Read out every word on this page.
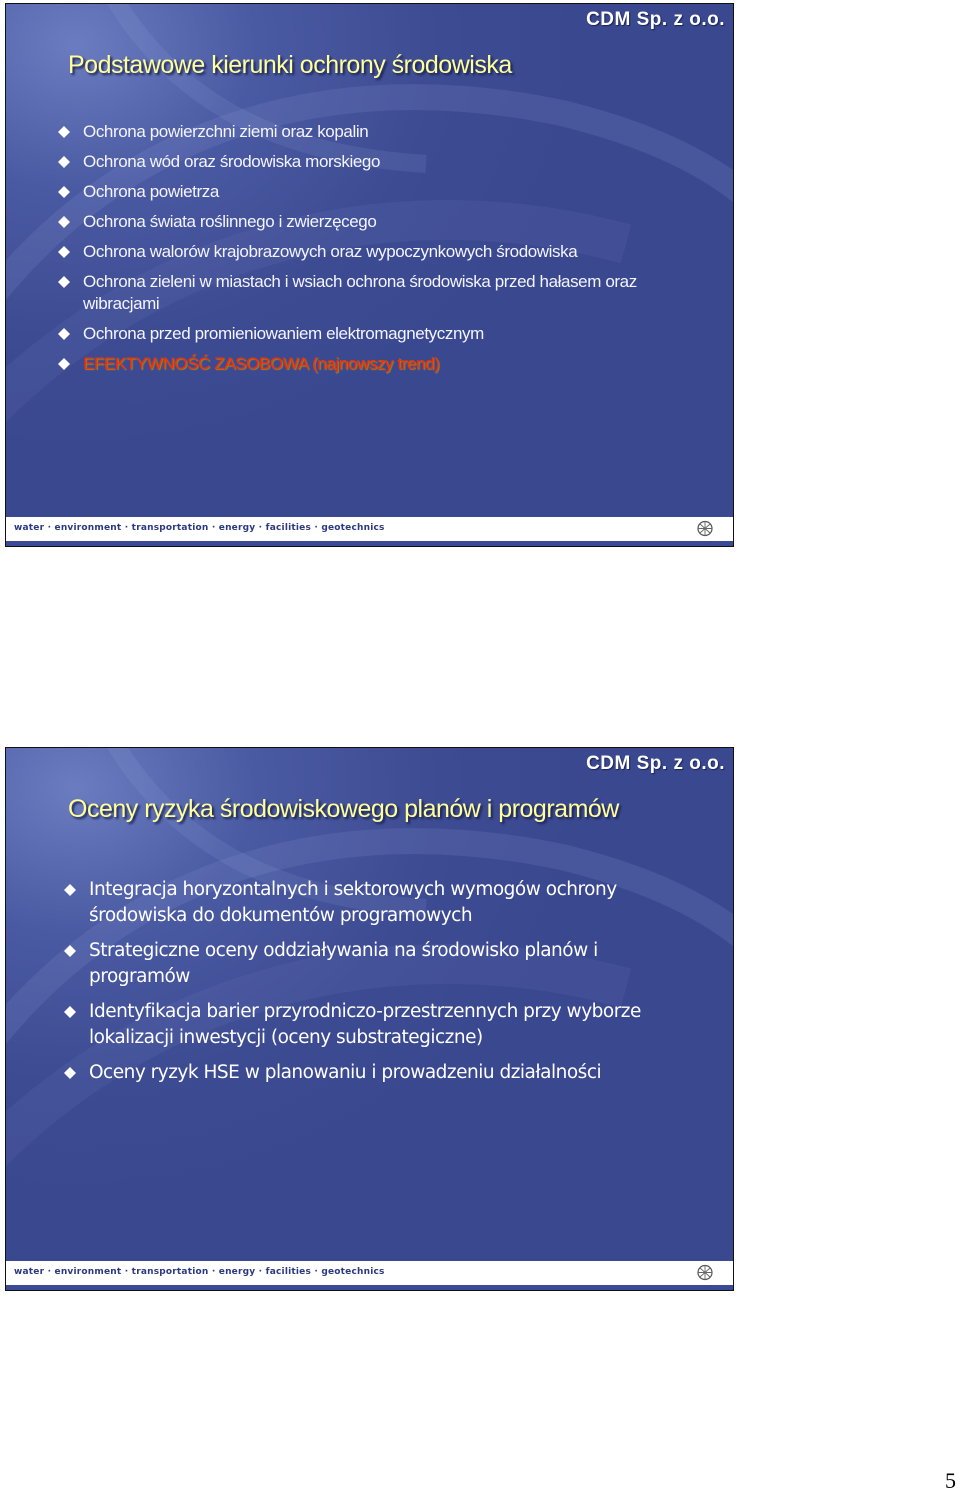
CDM Sp. z o.o.
Podstawowe kierunki ochrony środowiska
Ochrona powierzchni ziemi oraz kopalin
Ochrona wód oraz środowiska morskiego
Ochrona powietrza
Ochrona świata roślinnego i zwierzęcego
Ochrona walorów krajobrazowych oraz wypoczynkowych środowiska
Ochrona zieleni w miastach i wsiach ochrona środowiska przed hałasem oraz wibracjami
Ochrona przed promieniowaniem elektromagnetycznym
EFEKTYWNOŚĆ ZASOBOWA (najnowszy trend)
water · environment · transportation · energy · facilities · geotechnics
CDM Sp. z o.o.
Oceny ryzyka środowiskowego planów i programów
Integracja horyzontalnych i sektorowych wymogów ochrony środowiska do dokumentów programowych
Strategiczne oceny oddziaływania na środowisko planów i programów
Identyfikacja barier przyrodniczo-przestrzennych przy wyborze lokalizacji inwestycji (oceny substrategiczne)
Oceny ryzyk HSE w planowaniu i prowadzeniu działalności
water · environment · transportation · energy · facilities · geotechnics
5
